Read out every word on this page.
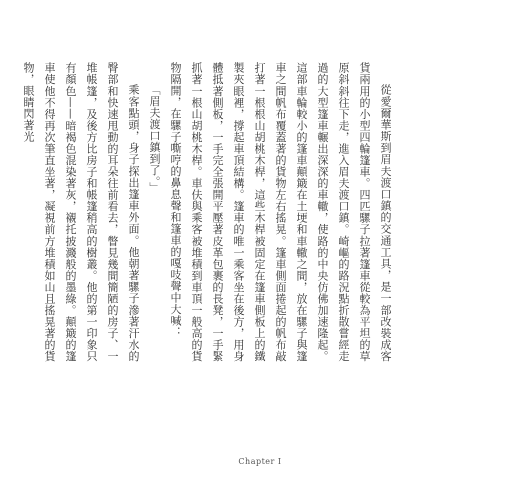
從愛爾華斯到眉夫渡口鎮的交通工具，是一部改裝成客貨兩用的小型四輪篷車。四匹騾子拉著篷車從較為平坦的草原斜斜往下走，進入眉夫渡口鎮。崎嶇的路況點折散嘗經走過的大型篷車輾出深深的車轍，使路的中央仿佛加速隆起。這部車輪較小的篷車顛簸在土埂和車轍之間，放在騾子與篷車之間帆布覆蓋著的貨物左右搖晃。篷車側面捲起的帆布敲打著一根根山胡桃木桿，這些木桿被固定在篷車側板上的鐵製夾眼裡，撐起車頂結構。篷車的唯一乘客坐在後方，用身體抵著側板，一手完全張開平壓著皮革包裹的長凳，一手緊抓著一根山胡桃木桿。車伕與乘客被堆積到車頂一般高的貨物隔開，在騾子嘶哼的鼻息聲和篷車的嘎吱聲中大喊：

「眉夫渡口鎮到了。」

乘客點頭，身子探出篷車外面。他朝著騾子滲著汗水的臀部和快速甩動的耳朵往前看去，瞥見幾間簡陋的房子、一堆帳篷，及後方比房子和帳篷稍高的樹叢。他的第一印象只有顏色——暗褐色混染著灰，襯托披濺般的墨綠。顛簸的篷車使他不得再次筆直坐著，凝視前方堆積如山且搖晃著的貨物，眼睛閃著光

Chapter I
